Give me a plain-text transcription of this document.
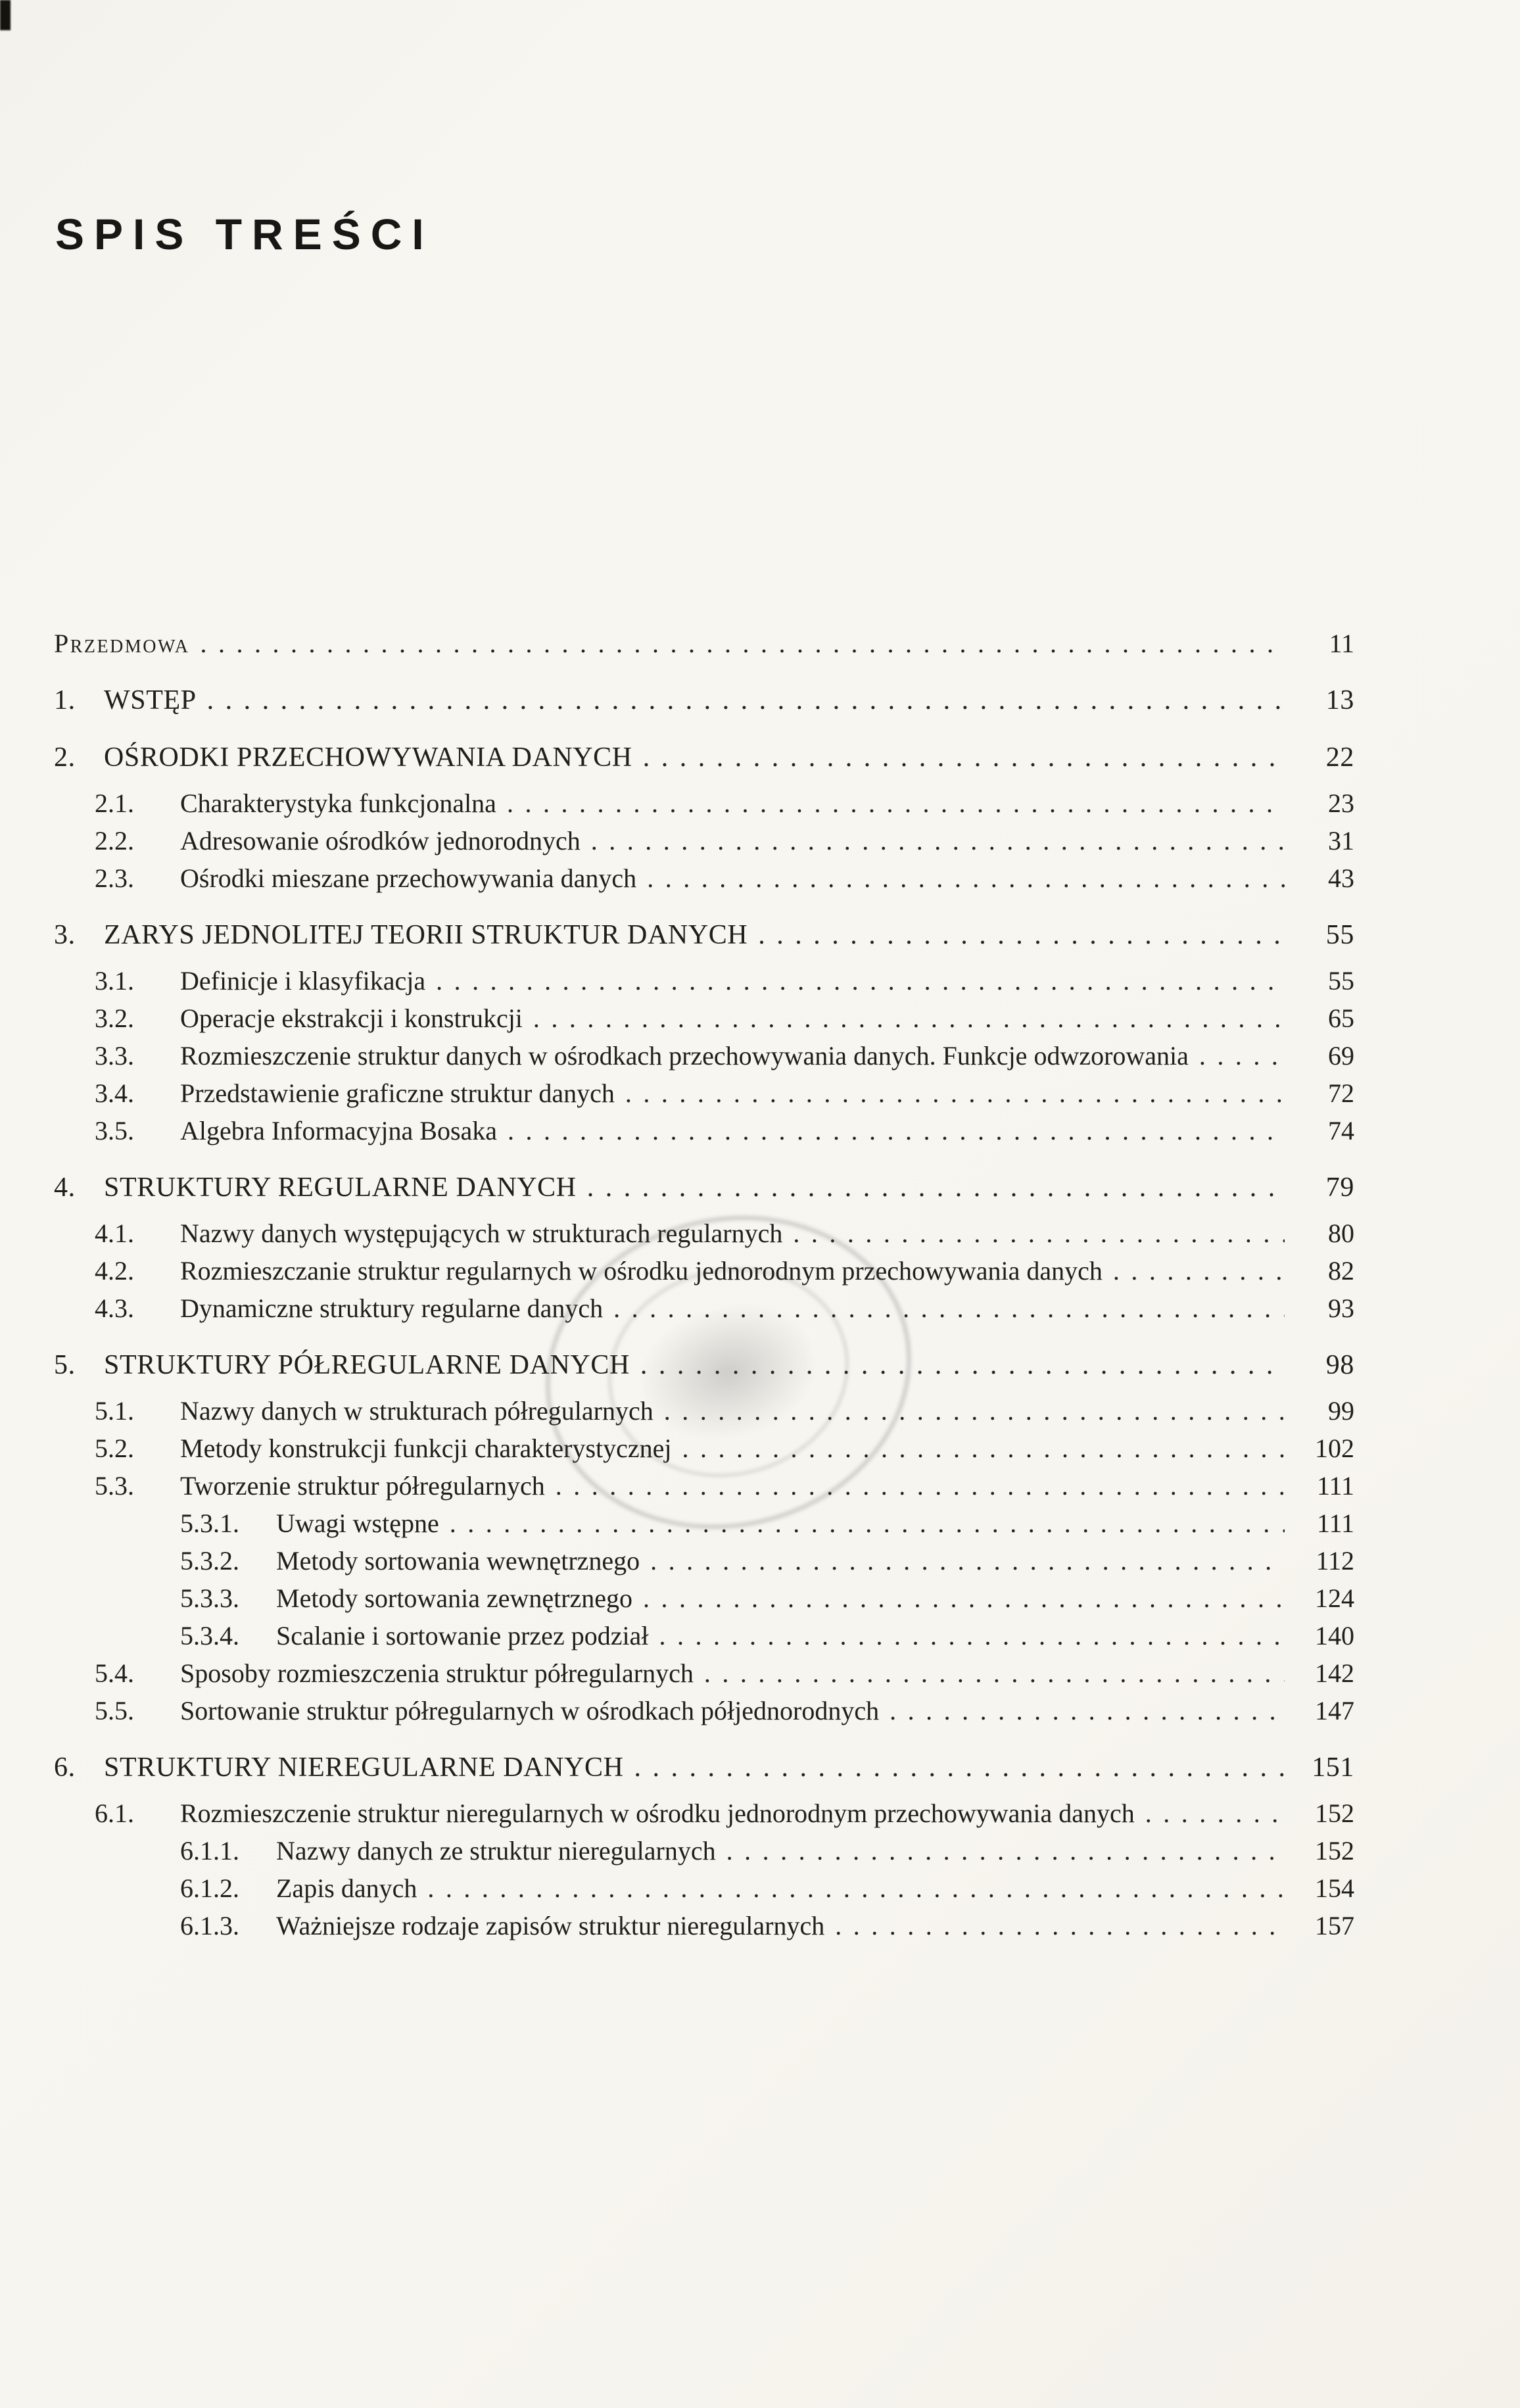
SPIS TREŚCI
Przedmowa .....	11
1.	WSTĘP .....	13
2.	OŚRODKI PRZECHOWYWANIA DANYCH .....	22
2.1.	Charakterystyka funkcjonalna .....	23
2.2.	Adresowanie ośrodków jednorodnych .....	31
2.3.	Ośrodki mieszane przechowywania danych .....	43
3.	ZARYS JEDNOLITEJ TEORII STRUKTUR DANYCH .....	55
3.1.	Definicje i klasyfikacja .....	55
3.2.	Operacje ekstrakcji i konstrukcji .....	65
3.3.	Rozmieszczenie struktur danych w ośrodkach przechowywania danych. Funkcje odwzorowania .....	69
3.4.	Przedstawienie graficzne struktur danych .....	72
3.5.	Algebra Informacyjna Bosaka .....	74
4.	STRUKTURY REGULARNE DANYCH .....	79
4.1.	Nazwy danych występujących w strukturach regularnych .....	80
4.2.	Rozmieszczanie struktur regularnych w ośrodku jednorodnym przechowywania danych .....	82
4.3.	Dynamiczne struktury regularne danych .....	93
5.	STRUKTURY PÓŁREGULARNE DANYCH .....	98
5.1.	Nazwy danych w strukturach półregularnych .....	99
5.2.	Metody konstrukcji funkcji charakterystycznej .....	102
5.3.	Tworzenie struktur półregularnych .....	111
5.3.1.	Uwagi wstępne .....	111
5.3.2.	Metody sortowania wewnętrznego .....	112
5.3.3.	Metody sortowania zewnętrznego .....	124
5.3.4.	Scalanie i sortowanie przez podział .....	140
5.4.	Sposoby rozmieszczenia struktur półregularnych .....	142
5.5.	Sortowanie struktur półregularnych w ośrodkach półjednorodnych .....	147
6.	STRUKTURY NIEREGULARNE DANYCH .....	151
6.1.	Rozmieszczenie struktur nieregularnych w ośrodku jednorodnym przechowywania danych .....	152
6.1.1.	Nazwy danych ze struktur nieregularnych .....	152
6.1.2.	Zapis danych .....	154
6.1.3.	Ważniejsze rodzaje zapisów struktur nieregularnych .....	157
